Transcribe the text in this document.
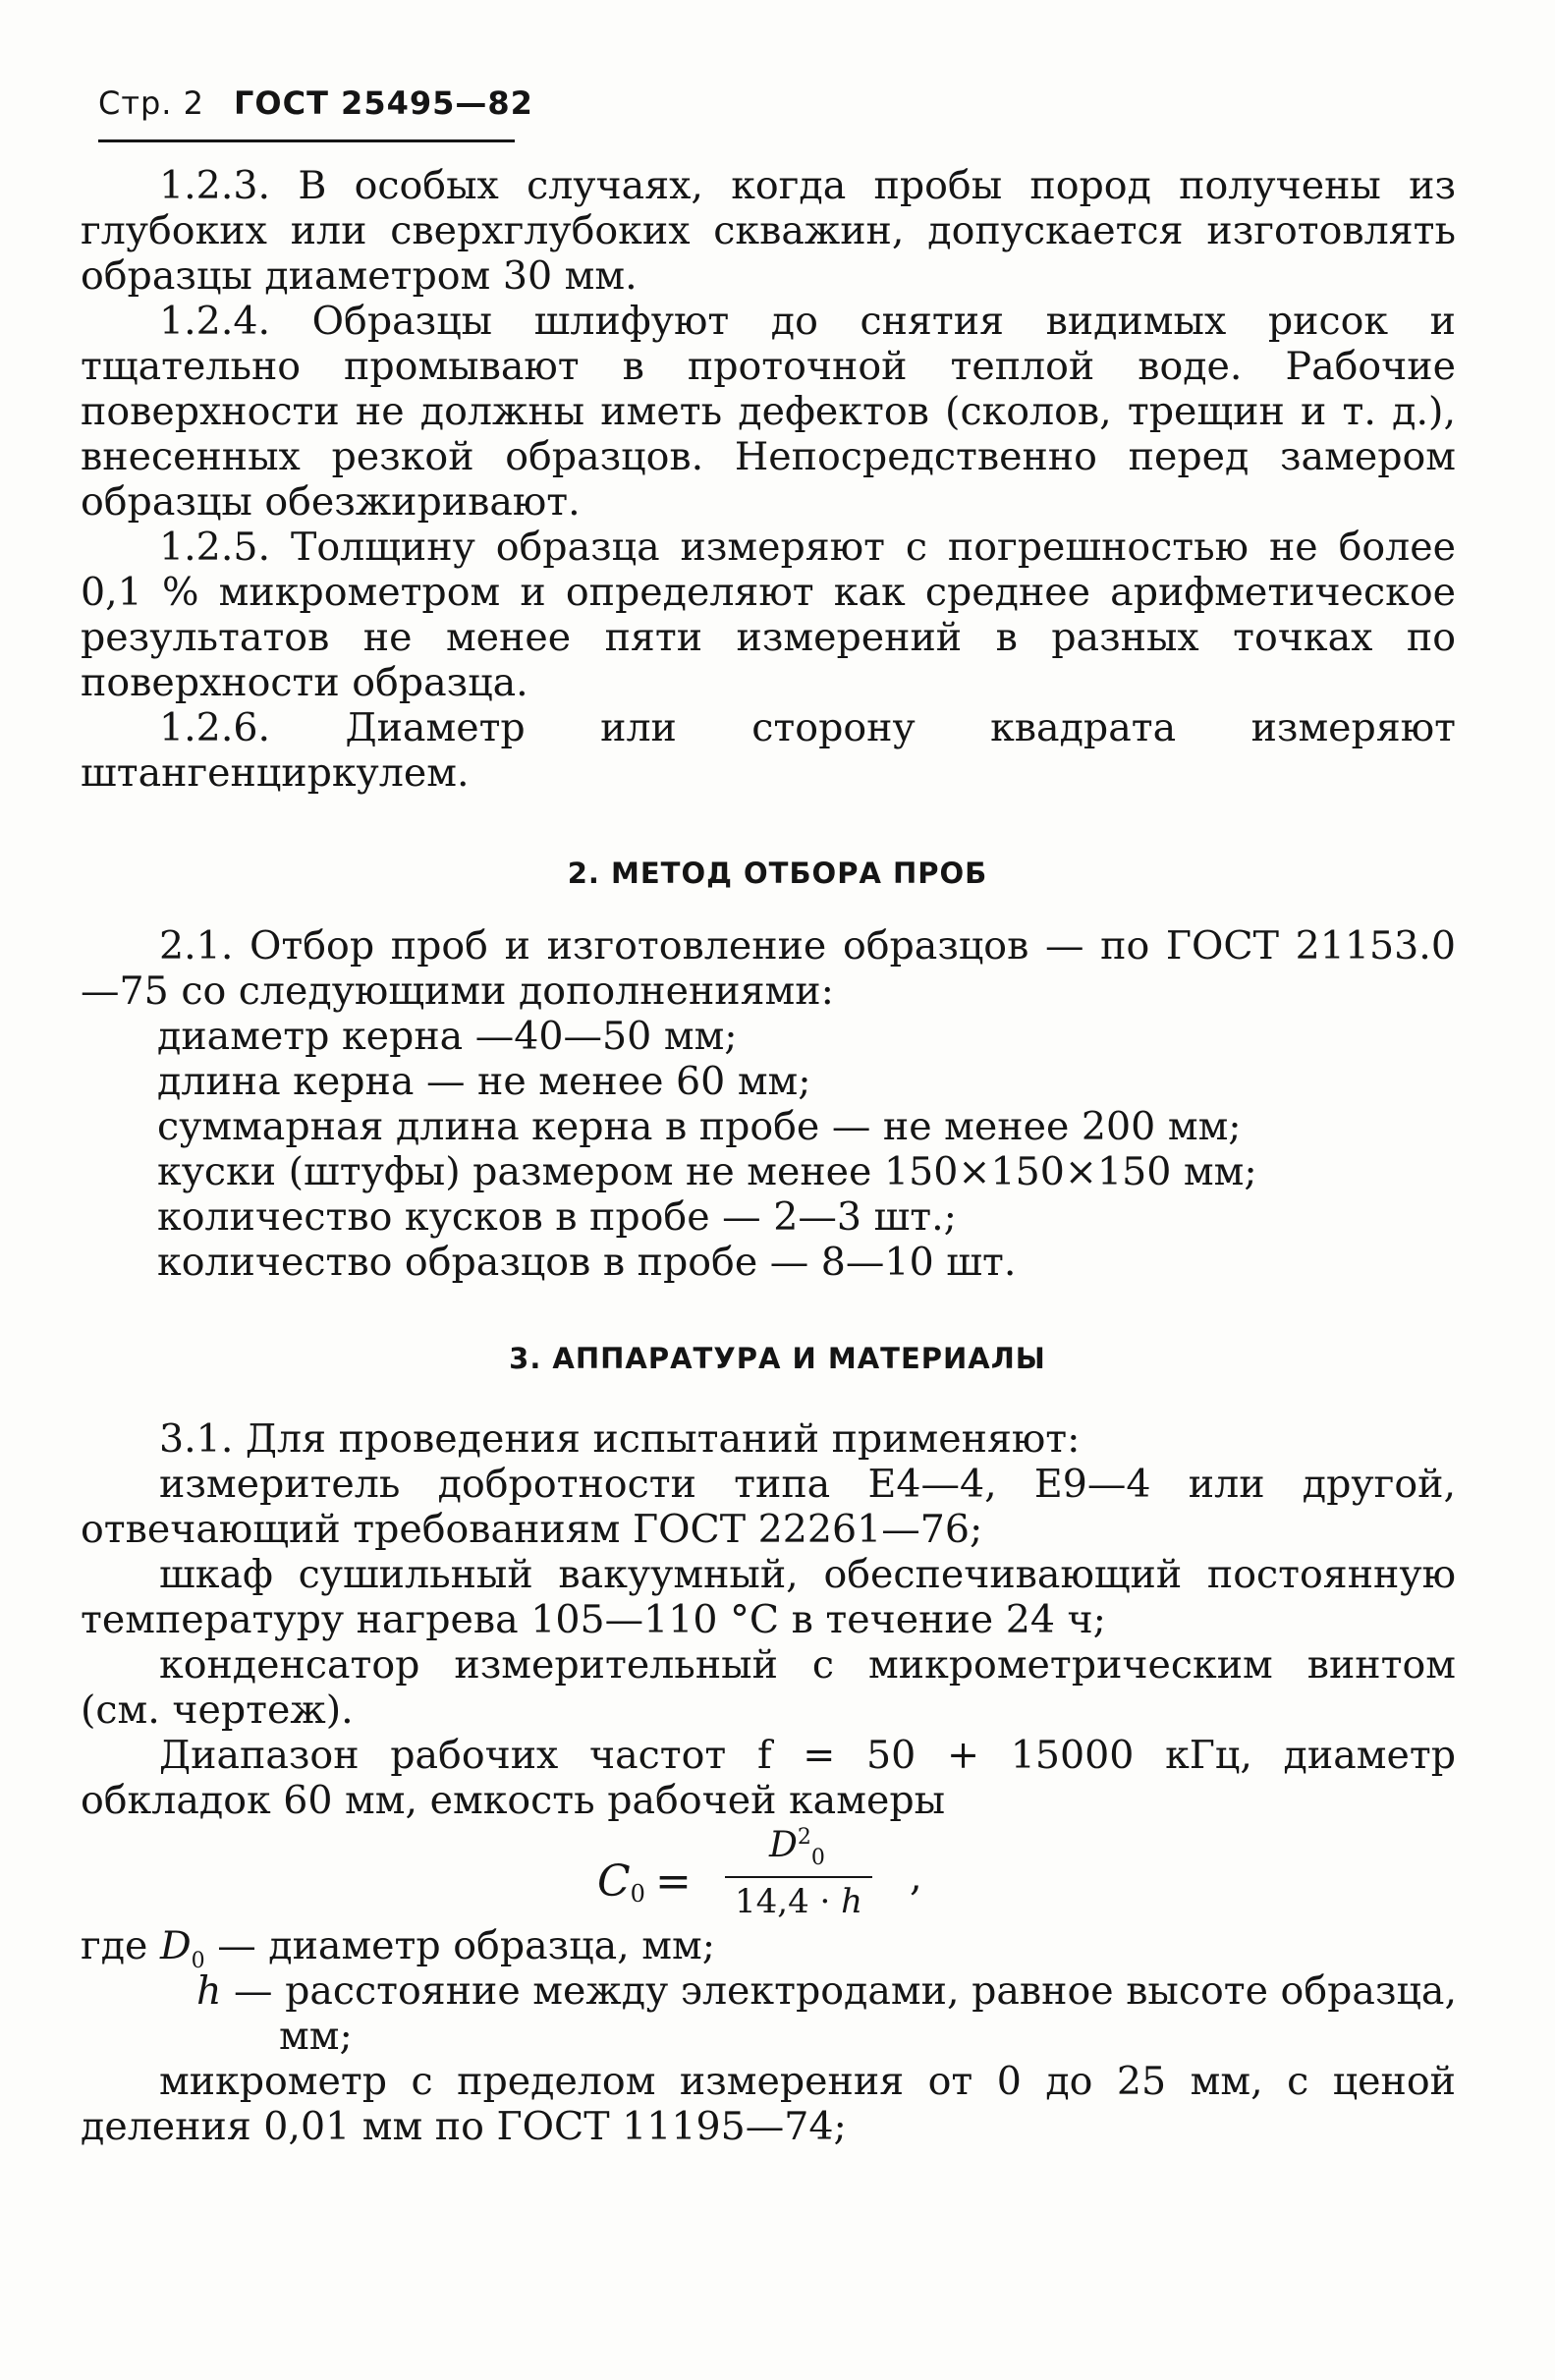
Стр. 2 ГОСТ 25495—82

1.2.3. В особых случаях, когда пробы пород получены из глубоких или сверхглубоких скважин, допускается изготовлять образцы диаметром 30 мм.

1.2.4. Образцы шлифуют до снятия видимых рисок и тщательно промывают в проточной теплой воде. Рабочие поверхности не должны иметь дефектов (сколов, трещин и т. д.), внесенных резкой образцов. Непосредственно перед замером образцы обезжиривают.

1.2.5. Толщину образца измеряют с погрешностью не более 0,1 % микрометром и определяют как среднее арифметическое результатов не менее пяти измерений в разных точках по поверхности образца.

1.2.6. Диаметр или сторону квадрата измеряют штангенциркулем.

2. МЕТОД ОТБОРА ПРОБ

2.1. Отбор проб и изготовление образцов — по ГОСТ 21153.0—75 со следующими дополнениями:

диаметр керна —40—50 мм;

длина керна — не менее 60 мм;

суммарная длина керна в пробе — не менее 200 мм;

куски (штуфы) размером не менее 150×150×150 мм;

количество кусков в пробе — 2—3 шт.;

количество образцов в пробе — 8—10 шт.

3. АППАРАТУРА И МАТЕРИАЛЫ

3.1. Для проведения испытаний применяют:

измеритель добротности типа Е4—4, Е9—4 или другой, отвечающий требованиям ГОСТ 22261—76;

шкаф сушильный вакуумный, обеспечивающий постоянную температуру нагрева 105—110 °С в течение 24 ч;

конденсатор измерительный с микрометрическим винтом (см. чертеж).

Диапазон рабочих частот f = 50 + 15000 кГц, диаметр обкладок 60 мм, емкость рабочей камеры

C0 =
$D^2_0$
14,4 · h
,

где $D_0$ — диаметр образца, мм;

h — расстояние между электродами, равное высоте образца,

мм;

микрометр с пределом измерения от 0 до 25 мм, с ценой деления 0,01 мм по ГОСТ 11195—74;
